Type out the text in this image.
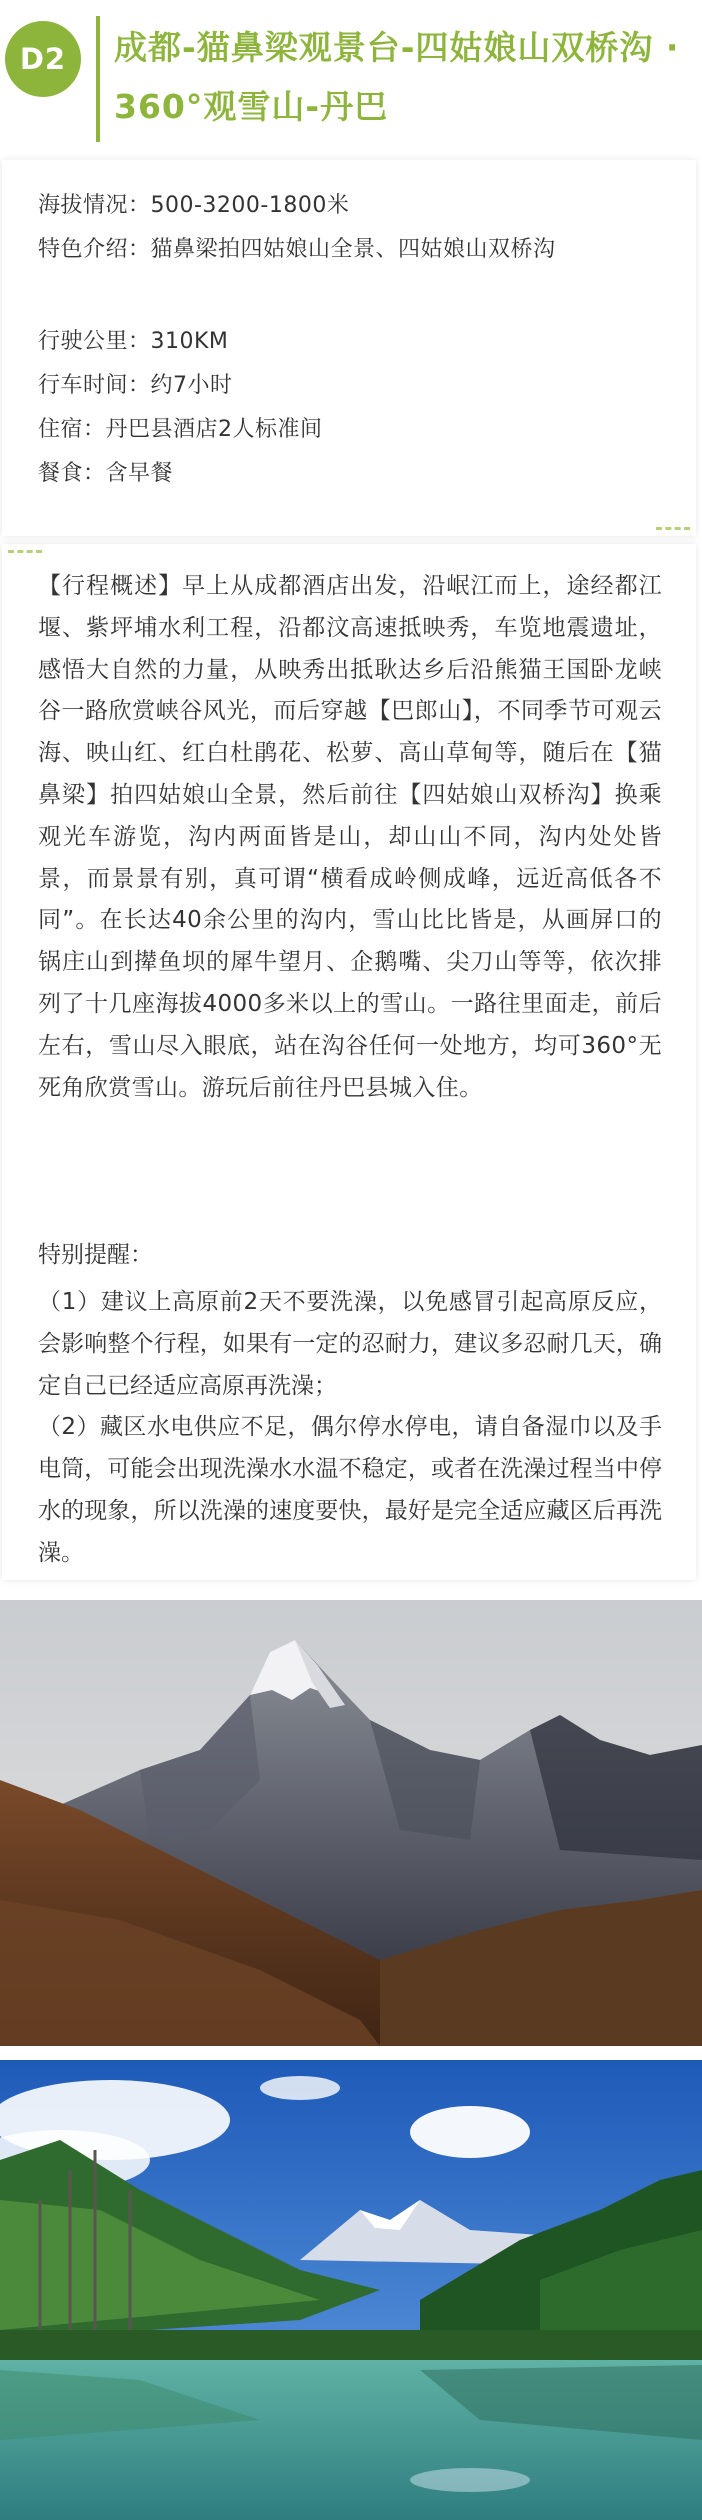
D2	成都-猫鼻梁观景台-四姑娘山双桥沟 · 360°观雪山-丹巴
海拔情况：500-3200-1800米
特色介绍：猫鼻梁拍四姑娘山全景、四姑娘山双桥沟
行驶公里：310KM
行车时间：约7小时
住宿：丹巴县酒店2人标准间
餐食：含早餐
【行程概述】早上从成都酒店出发，沿岷江而上，途经都江堰、紫坪埔水利工程，沿都汶高速抵映秀，车览地震遗址，感悟大自然的力量，从映秀出抵耿达乡后沿熊猫王国卧龙峡谷一路欣赏峡谷风光，而后穿越【巴郎山】，不同季节可观云海、映山红、红白杜鹃花、松萝、高山草甸等，随后在【猫鼻梁】拍四姑娘山全景，然后前往【四姑娘山双桥沟】换乘观光车游览，沟内两面皆是山，却山山不同，沟内处处皆景，而景景有别，真可谓“横看成岭侧成峰，远近高低各不同”。在长达40余公里的沟内，雪山比比皆是，从画屏口的锅庄山到撵鱼坝的犀牛望月、企鹅嘴、尖刀山等等，依次排列了十几座海拔4000多米以上的雪山。一路往里面走，前后左右，雪山尽入眼底，站在沟谷任何一处地方，均可360°无死角欣赏雪山。游玩后前往丹巴县城入住。
特别提醒：

（1）建议上高原前2天不要洗澡，以免感冒引起高原反应，会影响整个行程，如果有一定的忍耐力，建议多忍耐几天，确定自己已经适应高原再洗澡；

（2）藏区水电供应不足，偶尔停水停电，请自备湿巾以及手电筒，可能会出现洗澡水水温不稳定，或者在洗澡过程当中停水的现象，所以洗澡的速度要快，最好是完全适应藏区后再洗澡。
